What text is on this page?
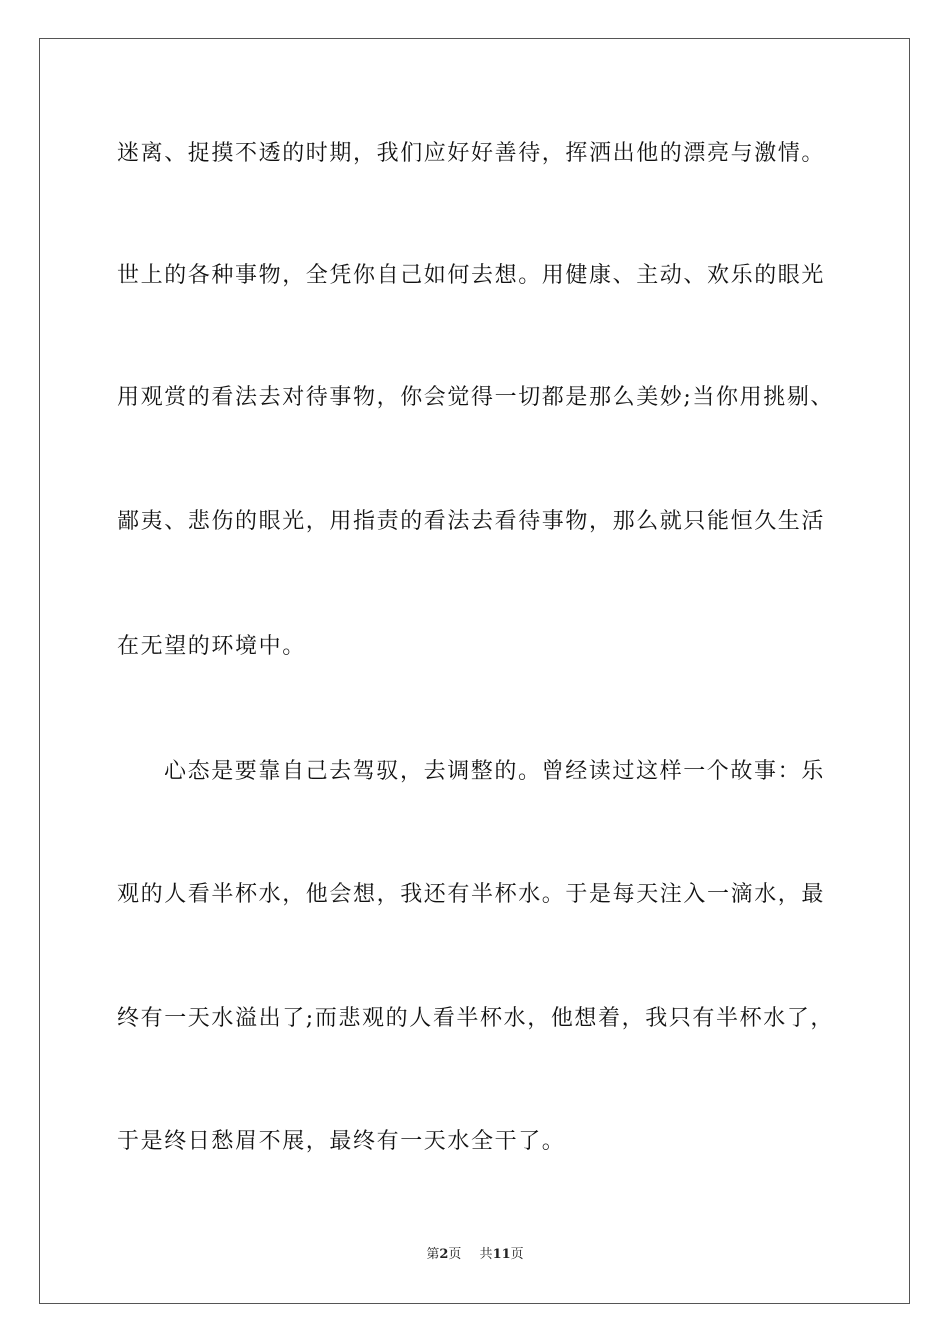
迷离、捉摸不透的时期，我们应好好善待，挥洒出他的漂亮与激情。
世上的各种事物，全凭你自己如何去想。用健康、主动、欢乐的眼光
用观赏的看法去对待事物，你会觉得一切都是那么美妙;当你用挑剔、
鄙夷、悲伤的眼光，用指责的看法去看待事物，那么就只能恒久生活
在无望的环境中。
心态是要靠自己去驾驭，去调整的。曾经读过这样一个故事：乐
观的人看半杯水，他会想，我还有半杯水。于是每天注入一滴水，最
终有一天水溢出了;而悲观的人看半杯水，他想着，我只有半杯水了，
于是终日愁眉不展，最终有一天水全干了。
第2页 共11页
